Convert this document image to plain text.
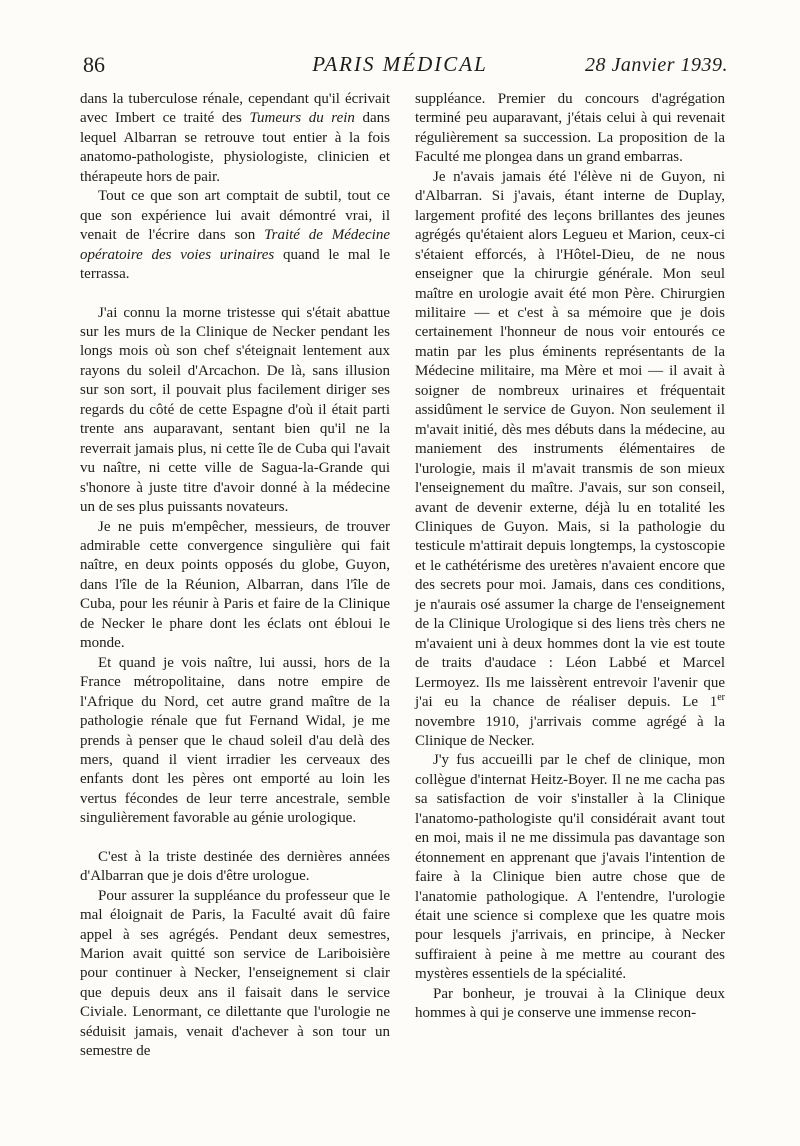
86	PARIS MÉDICAL	28 Janvier 1939.

dans la tuberculose rénale, cependant qu'il écrivait avec Imbert ce traité des Tumeurs du rein dans lequel Albarran se retrouve tout entier à la fois anatomo-pathologiste, physiologiste, clinicien et thérapeute hors de pair.

Tout ce que son art comptait de subtil, tout ce que son expérience lui avait démontré vrai, il venait de l'écrire dans son Traité de Médecine opératoire des voies urinaires quand le mal le terrassa.

J'ai connu la morne tristesse qui s'était abattue sur les murs de la Clinique de Necker pendant les longs mois où son chef s'éteignait lentement aux rayons du soleil d'Arcachon. De là, sans illusion sur son sort, il pouvait plus facilement diriger ses regards du côté de cette Espagne d'où il était parti trente ans auparavant, sentant bien qu'il ne la reverrait jamais plus, ni cette île de Cuba qui l'avait vu naître, ni cette ville de Sagua-la-Grande qui s'honore à juste titre d'avoir donné à la médecine un de ses plus puissants novateurs.

Je ne puis m'empêcher, messieurs, de trouver admirable cette convergence singulière qui fait naître, en deux points opposés du globe, Guyon, dans l'île de la Réunion, Albarran, dans l'île de Cuba, pour les réunir à Paris et faire de la Clinique de Necker le phare dont les éclats ont ébloui le monde.

Et quand je vois naître, lui aussi, hors de la France métropolitaine, dans notre empire de l'Afrique du Nord, cet autre grand maître de la pathologie rénale que fut Fernand Widal, je me prends à penser que le chaud soleil d'au delà des mers, quand il vient irradier les cerveaux des enfants dont les pères ont emporté au loin les vertus fécondes de leur terre ancestrale, semble singulièrement favorable au génie urologique.

C'est à la triste destinée des dernières années d'Albarran que je dois d'être urologue.

Pour assurer la suppléance du professeur que le mal éloignait de Paris, la Faculté avait dû faire appel à ses agrégés. Pendant deux semestres, Marion avait quitté son service de Lariboisière pour continuer à Necker, l'enseignement si clair que depuis deux ans il faisait dans le service Civiale. Lenormant, ce dilettante que l'urologie ne séduisit jamais, venait d'achever à son tour un semestre de

suppléance. Premier du concours d'agrégation terminé peu auparavant, j'étais celui à qui revenait régulièrement sa succession. La proposition de la Faculté me plongea dans un grand embarras.

Je n'avais jamais été l'élève ni de Guyon, ni d'Albarran. Si j'avais, étant interne de Duplay, largement profité des leçons brillantes des jeunes agrégés qu'étaient alors Legueu et Marion, ceux-ci s'étaient efforcés, à l'Hôtel-Dieu, de ne nous enseigner que la chirurgie générale. Mon seul maître en urologie avait été mon Père. Chirurgien militaire — et c'est à sa mémoire que je dois certainement l'honneur de nous voir entourés ce matin par les plus éminents représentants de la Médecine militaire, ma Mère et moi — il avait à soigner de nombreux urinaires et fréquentait assidûment le service de Guyon. Non seulement il m'avait initié, dès mes débuts dans la médecine, au maniement des instruments élémentaires de l'urologie, mais il m'avait transmis de son mieux l'enseignement du maître. J'avais, sur son conseil, avant de devenir externe, déjà lu en totalité les Cliniques de Guyon. Mais, si la pathologie du testicule m'attirait depuis longtemps, la cystoscopie et le cathétérisme des uretères n'avaient encore que des secrets pour moi. Jamais, dans ces conditions, je n'aurais osé assumer la charge de l'enseignement de la Clinique Urologique si des liens très chers ne m'avaient uni à deux hommes dont la vie est toute de traits d'audace : Léon Labbé et Marcel Lermoyez. Ils me laissèrent entrevoir l'avenir que j'ai eu la chance de réaliser depuis. Le 1er novembre 1910, j'arrivais comme agrégé à la Clinique de Necker.

J'y fus accueilli par le chef de clinique, mon collègue d'internat Heitz-Boyer. Il ne me cacha pas sa satisfaction de voir s'installer à la Clinique l'anatomo-pathologiste qu'il considérait avant tout en moi, mais il ne me dissimula pas davantage son étonnement en apprenant que j'avais l'intention de faire à la Clinique bien autre chose que de l'anatomie pathologique. A l'entendre, l'urologie était une science si complexe que les quatre mois pour lesquels j'arrivais, en principe, à Necker suffiraient à peine à me mettre au courant des mystères essentiels de la spécialité.

Par bonheur, je trouvai à la Clinique deux hommes à qui je conserve une immense recon-
